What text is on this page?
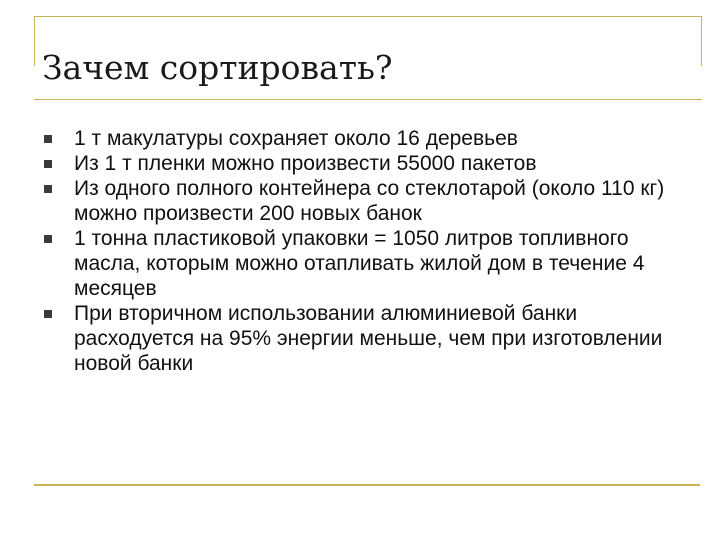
Зачем сортировать?
1 т макулатуры сохраняет около 16 деревьев
Из 1 т пленки можно произвести 55000 пакетов
Из одного полного контейнера со стеклотарой (около 110 кг) можно произвести 200 новых банок
1 тонна пластиковой упаковки = 1050 литров топливного масла, которым можно отапливать жилой дом в течение 4 месяцев
При вторичном использовании алюминиевой банки расходуется на 95% энергии меньше, чем при изготовлении новой банки
